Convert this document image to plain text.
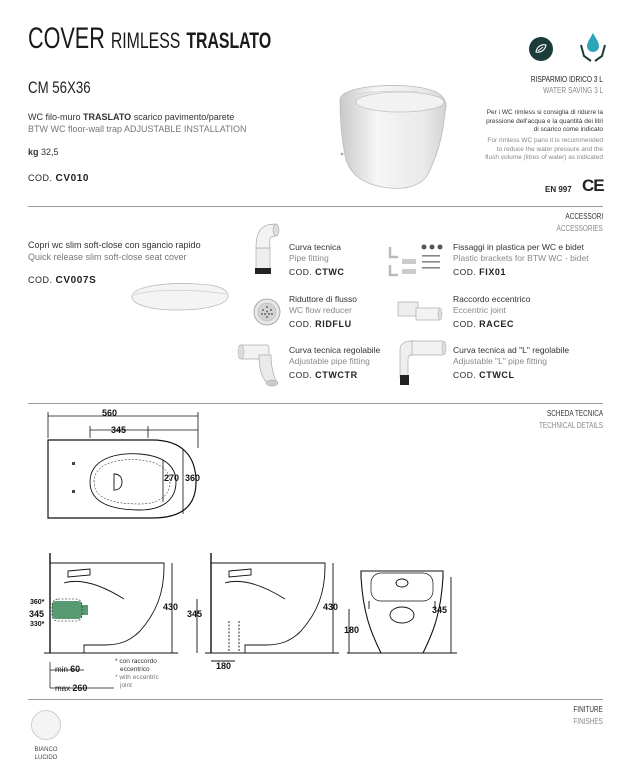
COVER RIMLESS TRASLATO
CM 56X36	RISPARMIO IDRICO 3 L
WATER SAVING 3 L
Per i WC rimless si consiglia di ridurre la
pressione dell'acqua e la quantità dei litri
di scarico come indicato
For rimless WC pans it is recommended
to reduce the water pressure and the
flush volume (litres of water) as indicated
WC filo-muro TRASLATO scarico pavimento/parete
BTW WC floor-wall trap ADJUSTABLE INSTALLATION
kg 32,5
COD. CV010
EN 997 CE
ACCESSORI
ACCESSORIES
Copri wc slim soft-close con sgancio rapido
Quick release slim soft-close seat cover
COD. CV007S
Curva tecnica
Pipe fitting
COD. CTWC
Fissaggi in plastica per WC e bidet
Plastic brackets for BTW WC - bidet
COD. FIX01
Riduttore di flusso
WC flow reducer
COD. RIDFLU
Raccordo eccentrico
Eccentric joint
COD. RACEC
Curva tecnica regolabile
Adjustable pipe fitting
COD. CTWCTR
Curva tecnica ad "L" regolabile
Adjustable "L" pipe fitting
COD. CTWCL
SCHEDA TECNICA
TECHNICAL DETAILS
560
345
270 360
360*
345
330*
430
min 60
max 260
* con raccordo
eccentrico
* with eccentric
joint
345
430
180
180
345
FINITURE
FINISHES
BIANCO
LUCIDO
